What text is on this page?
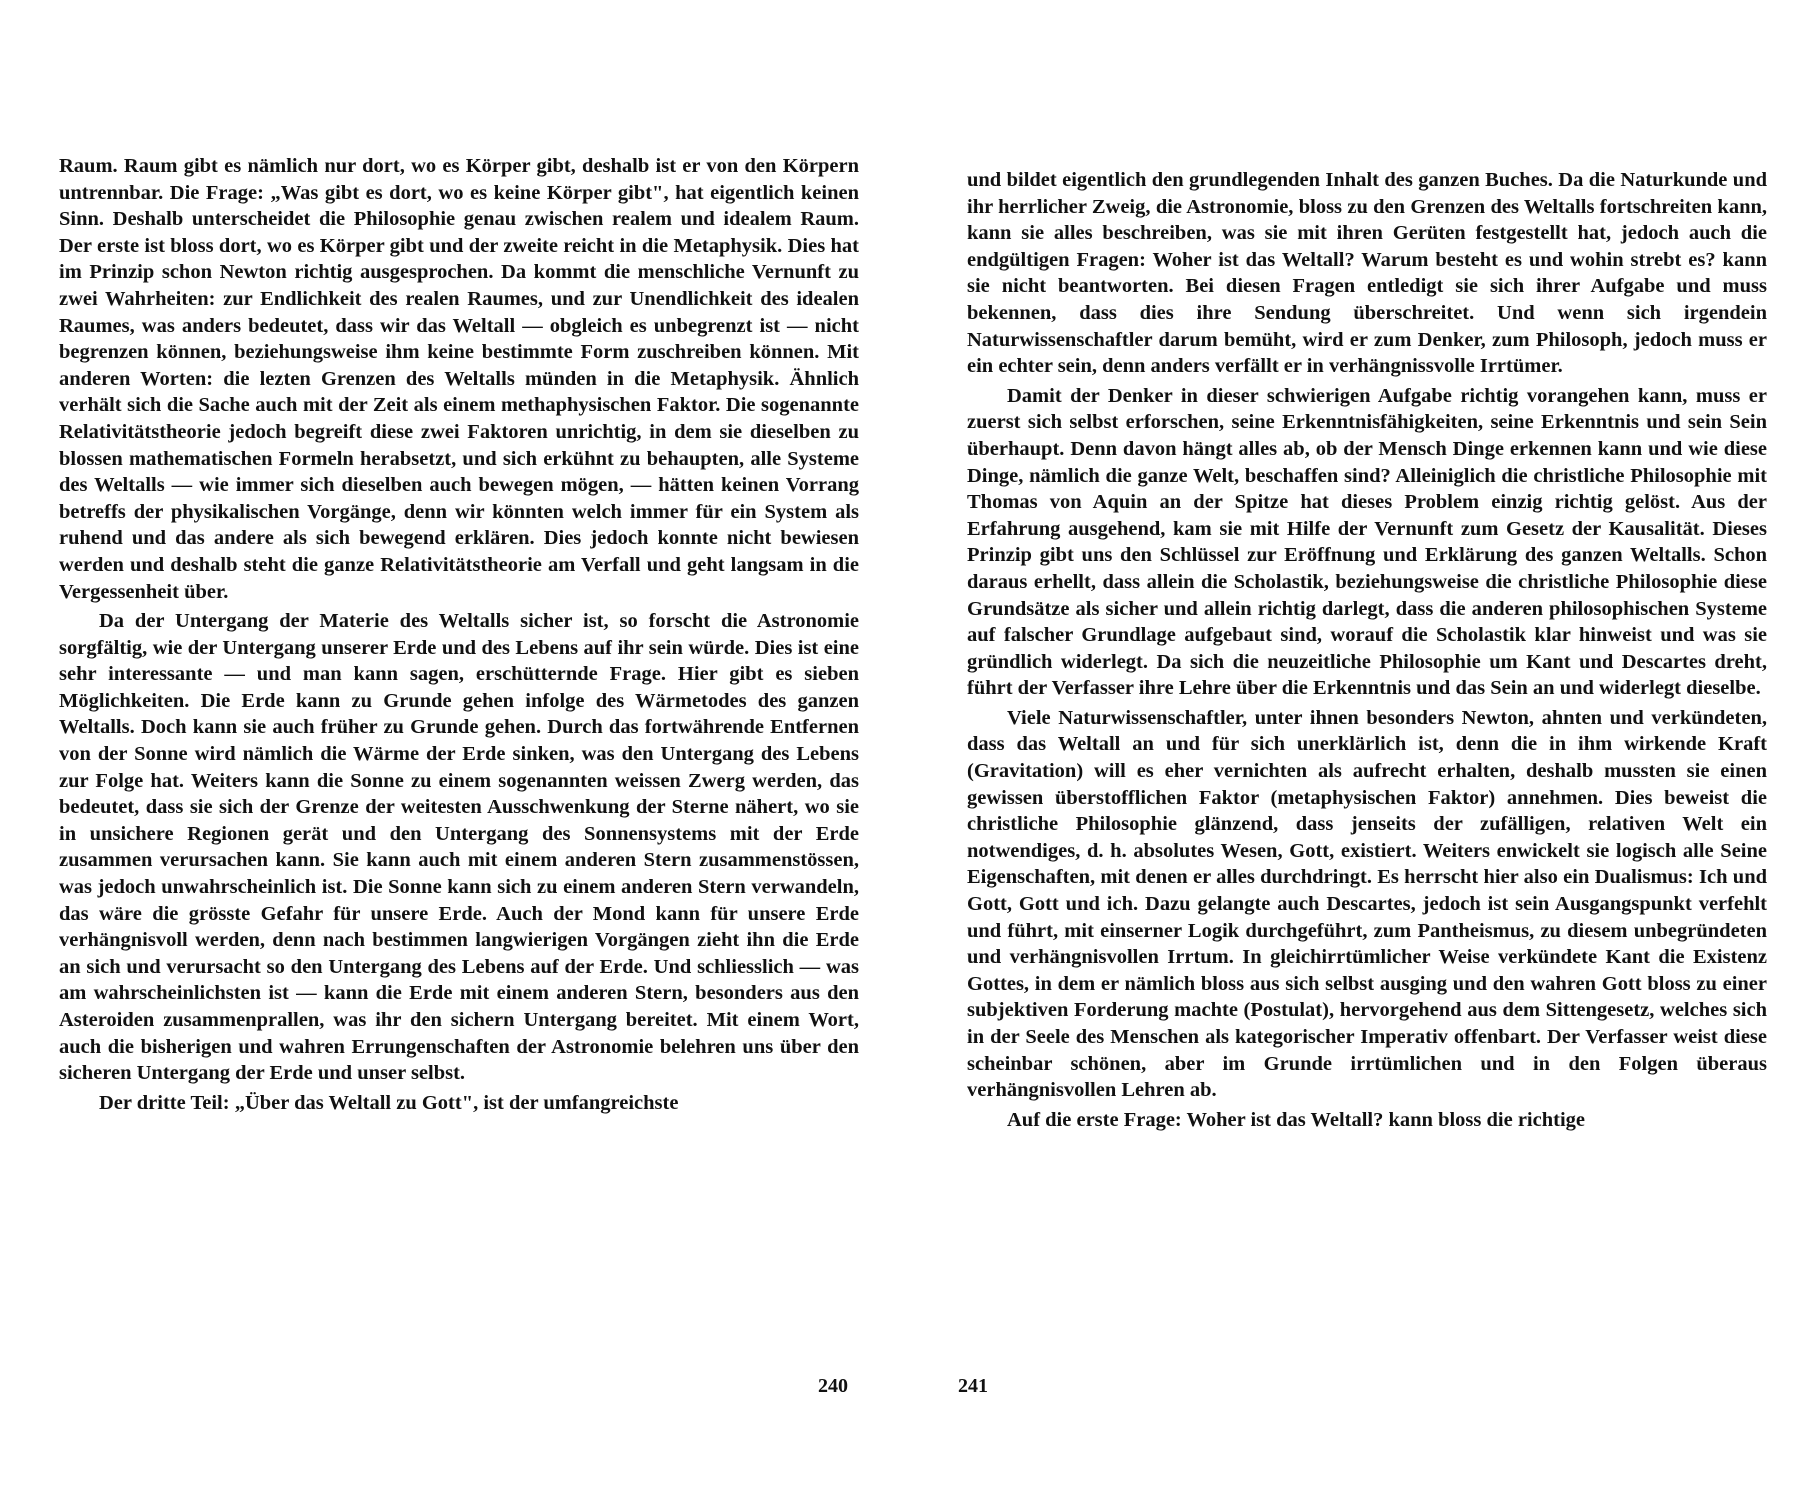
Raum. Raum gibt es nämlich nur dort, wo es Körper gibt, deshalb ist er von den Körpern untrennbar. Die Frage: „Was gibt es dort, wo es keine Körper gibt", hat eigentlich keinen Sinn. Deshalb unterscheidet die Philosophie genau zwischen realem und idealem Raum. Der erste ist bloss dort, wo es Körper gibt und der zweite reicht in die Metaphysik. Dies hat im Prinzip schon Newton richtig ausgesprochen. Da kommt die menschliche Vernunft zu zwei Wahrheiten: zur Endlichkeit des realen Raumes, und zur Unendlichkeit des idealen Raumes, was anders bedeutet, dass wir das Weltall — obgleich es unbegrenzt ist — nicht begrenzen können, beziehungsweise ihm keine bestimmte Form zuschreiben können. Mit anderen Worten: die lezten Grenzen des Weltalls münden in die Metaphysik. Ähnlich verhält sich die Sache auch mit der Zeit als einem methaphysischen Faktor. Die sogenannte Relativitätstheorie jedoch begreift diese zwei Faktoren unrichtig, in dem sie dieselben zu blossen mathematischen Formeln herabsetzt, und sich erkühnt zu behaupten, alle Systeme des Weltalls — wie immer sich dieselben auch bewegen mögen, — hätten keinen Vorrang betreffs der physikalischen Vorgänge, denn wir könnten welch immer für ein System als ruhend und das andere als sich bewegend erklären. Dies jedoch konnte nicht bewiesen werden und deshalb steht die ganze Relativitätstheorie am Verfall und geht langsam in die Vergessenheit über.

Da der Untergang der Materie des Weltalls sicher ist, so forscht die Astronomie sorgfältig, wie der Untergang unserer Erde und des Lebens auf ihr sein würde. Dies ist eine sehr interessante — und man kann sagen, erschütternde Frage. Hier gibt es sieben Möglichkeiten. Die Erde kann zu Grunde gehen infolge des Wärmetodes des ganzen Weltalls. Doch kann sie auch früher zu Grunde gehen. Durch das fortwährende Entfernen von der Sonne wird nämlich die Wärme der Erde sinken, was den Untergang des Lebens zur Folge hat. Weiters kann die Sonne zu einem sogenannten weissen Zwerg werden, das bedeutet, dass sie sich der Grenze der weitesten Ausschwenkung der Sterne nähert, wo sie in unsichere Regionen gerät und den Untergang des Sonnensystems mit der Erde zusammen verursachen kann. Sie kann auch mit einem anderen Stern zusammenstössen, was jedoch unwahrscheinlich ist. Die Sonne kann sich zu einem anderen Stern verwandeln, das wäre die grösste Gefahr für unsere Erde. Auch der Mond kann für unsere Erde verhängnisvoll werden, denn nach bestimmen langwierigen Vorgängen zieht ihn die Erde an sich und verursacht so den Untergang des Lebens auf der Erde. Und schliesslich — was am wahrscheinlichsten ist — kann die Erde mit einem anderen Stern, besonders aus den Asteroiden zusammenprallen, was ihr den sichern Untergang bereitet. Mit einem Wort, auch die bisherigen und wahren Errungenschaften der Astronomie belehren uns über den sicheren Untergang der Erde und unser selbst.

Der dritte Teil: „Über das Weltall zu Gott", ist der umfangreichste

240

und bildet eigentlich den grundlegenden Inhalt des ganzen Buches. Da die Naturkunde und ihr herrlicher Zweig, die Astronomie, bloss zu den Grenzen des Weltalls fortschreiten kann, kann sie alles beschreiben, was sie mit ihren Gerüten festgestellt hat, jedoch auch die endgültigen Fragen: Woher ist das Weltall? Warum besteht es und wohin strebt es? kann sie nicht beantworten. Bei diesen Fragen entledigt sie sich ihrer Aufgabe und muss bekennen, dass dies ihre Sendung überschreitet. Und wenn sich irgendein Naturwissenschaftler darum bemüht, wird er zum Denker, zum Philosoph, jedoch muss er ein echter sein, denn anders verfällt er in verhängnissvolle Irrtümer.

Damit der Denker in dieser schwierigen Aufgabe richtig vorangehen kann, muss er zuerst sich selbst erforschen, seine Erkenntnisfähigkeiten, seine Erkenntnis und sein Sein überhaupt. Denn davon hängt alles ab, ob der Mensch Dinge erkennen kann und wie diese Dinge, nämlich die ganze Welt, beschaffen sind? Alleiniglich die christliche Philosophie mit Thomas von Aquin an der Spitze hat dieses Problem einzig richtig gelöst. Aus der Erfahrung ausgehend, kam sie mit Hilfe der Vernunft zum Gesetz der Kausalität. Dieses Prinzip gibt uns den Schlüssel zur Eröffnung und Erklärung des ganzen Weltalls. Schon daraus erhellt, dass allein die Scholastik, beziehungsweise die christliche Philosophie diese Grundsätze als sicher und allein richtig darlegt, dass die anderen philosophischen Systeme auf falscher Grundlage aufgebaut sind, worauf die Scholastik klar hinweist und was sie gründlich widerlegt. Da sich die neuzeitliche Philosophie um Kant und Descartes dreht, führt der Verfasser ihre Lehre über die Erkenntnis und das Sein an und widerlegt dieselbe.

Viele Naturwissenschaftler, unter ihnen besonders Newton, ahnten und verkündeten, dass das Weltall an und für sich unerklärlich ist, denn die in ihm wirkende Kraft (Gravitation) will es eher vernichten als aufrecht erhalten, deshalb mussten sie einen gewissen überstofflichen Faktor (metaphysischen Faktor) annehmen. Dies beweist die christliche Philosophie glänzend, dass jenseits der zufälligen, relativen Welt ein notwendiges, d. h. absolutes Wesen, Gott, existiert. Weiters enwickelt sie logisch alle Seine Eigenschaften, mit denen er alles durchdringt. Es herrscht hier also ein Dualismus: Ich und Gott, Gott und ich. Dazu gelangte auch Descartes, jedoch ist sein Ausgangspunkt verfehlt und führt, mit einserner Logik durchgeführt, zum Pantheismus, zu diesem unbegründeten und verhängnisvollen Irrtum. In gleichirrtümlicher Weise verkündete Kant die Existenz Gottes, in dem er nämlich bloss aus sich selbst ausging und den wahren Gott bloss zu einer subjektiven Forderung machte (Postulat), hervorgehend aus dem Sittengesetz, welches sich in der Seele des Menschen als kategorischer Imperativ offenbart. Der Verfasser weist diese scheinbar schönen, aber im Grunde irrtümlichen und in den Folgen überaus verhängnisvollen Lehren ab.

Auf die erste Frage: Woher ist das Weltall? kann bloss die richtige

241
